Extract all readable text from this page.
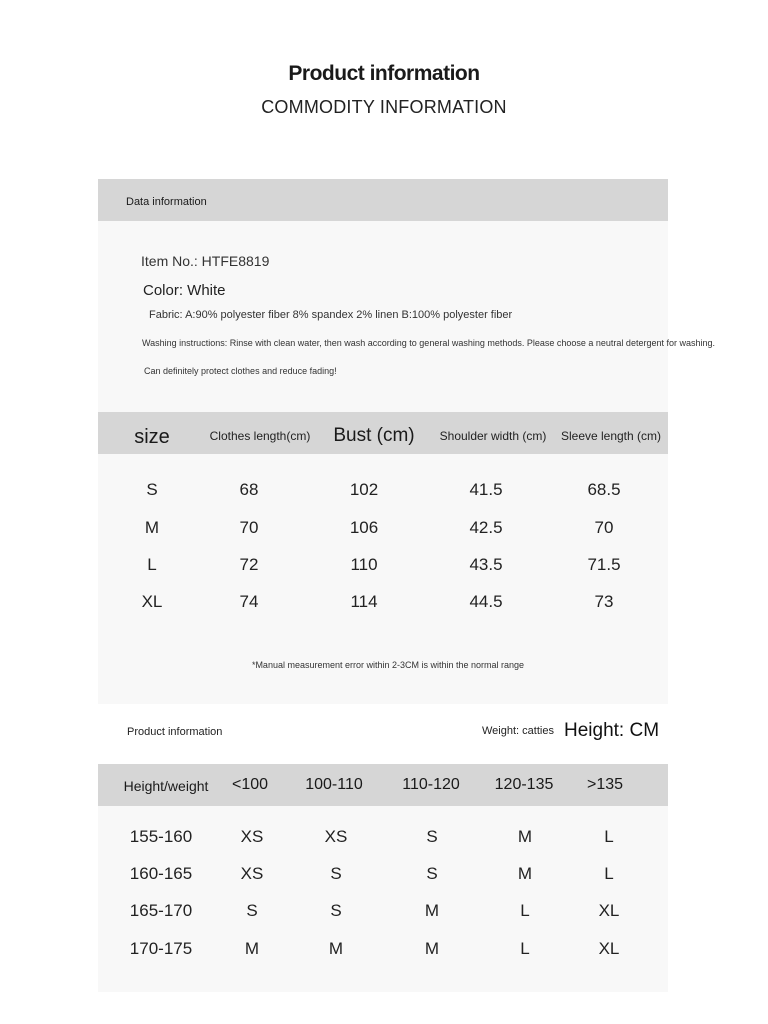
Product information
COMMODITY INFORMATION
Data information
Item No.: HTFE8819
Color: White
Fabric: A:90% polyester fiber 8% spandex 2% linen B:100% polyester fiber
Washing instructions: Rinse with clean water, then wash according to general washing methods. Please choose a neutral detergent for washing.
Can definitely protect clothes and reduce fading!
size	Clothes length(cm)	Bust (cm)	Shoulder width (cm)	Sleeve length (cm)
S	68	102	41.5	68.5
M	70	106	42.5	70
L	72	110	43.5	71.5
XL	74	114	44.5	73
*Manual measurement error within 2-3CM is within the normal range
Product information	Weight: catties Height: CM
Height/weight	<100	100-110	110-120	120-135	>135
155-160	XS	XS	S	M	L
160-165	XS	S	S	M	L
165-170	S	S	M	L	XL
170-175	M	M	M	L	XL
